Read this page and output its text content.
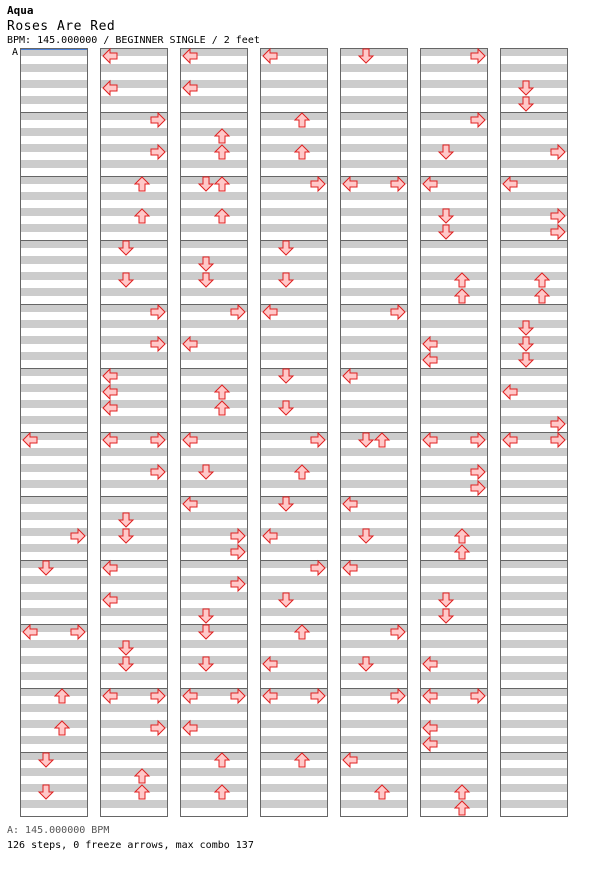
Aqua
Roses Are Red
BPM: 145.000000 / BEGINNER SINGLE / 2 feet
A
A: 145.000000 BPM
126 steps, 0 freeze arrows, max combo 137
